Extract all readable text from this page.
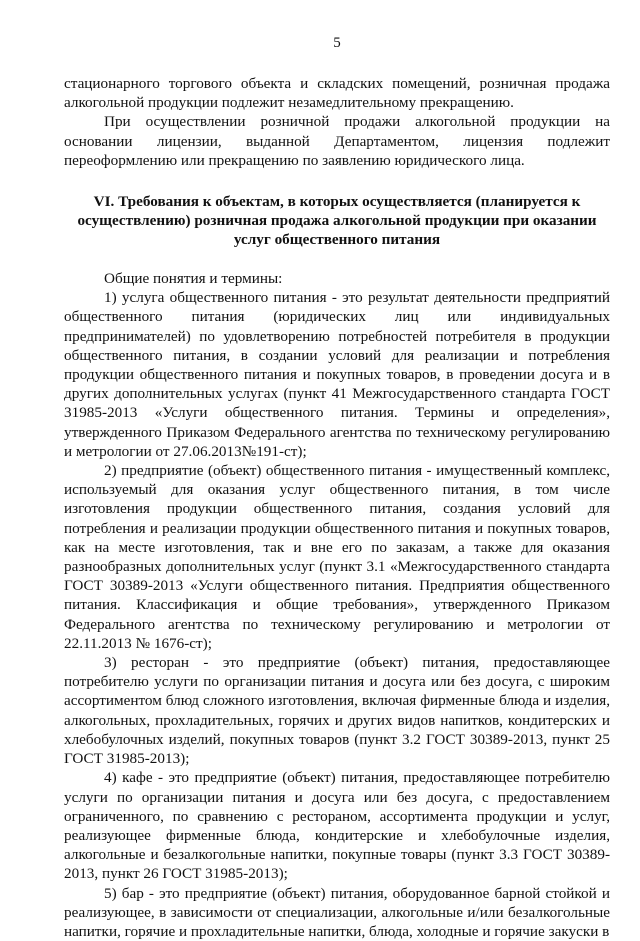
5

стационарного торгового объекта и складских помещений, розничная продажа алкогольной продукции подлежит незамедлительному прекращению.

При осуществлении розничной продажи алкогольной продукции на основании лицензии, выданной Департаментом, лицензия подлежит переоформлению или прекращению по заявлению юридического лица.

VI. Требования к объектам, в которых осуществляется (планируется к осуществлению) розничная продажа алкогольной продукции при оказании услуг общественного питания

Общие понятия и термины:

1) услуга общественного питания - это результат деятельности предприятий общественного питания (юридических лиц или индивидуальных предпринимателей) по удовлетворению потребностей потребителя в продукции общественного питания, в создании условий для реализации и потребления продукции общественного питания и покупных товаров, в проведении досуга и в других дополнительных услугах (пункт 41 Межгосударственного стандарта ГОСТ 31985-2013 «Услуги общественного питания. Термины и определения», утвержденного Приказом Федерального агентства по техническому регулированию и метрологии от 27.06.2013№191-ст);

2) предприятие (объект) общественного питания - имущественный комплекс, используемый для оказания услуг общественного питания, в том числе изготовления продукции общественного питания, создания условий для потребления и реализации продукции общественного питания и покупных товаров, как на месте изготовления, так и вне его по заказам, а также для оказания разнообразных дополнительных услуг (пункт 3.1 «Межгосударственного стандарта ГОСТ 30389-2013 «Услуги общественного питания. Предприятия общественного питания. Классификация и общие требования», утвержденного Приказом Федерального агентства по техническому регулированию и метрологии от 22.11.2013 № 1676-ст);

3) ресторан - это предприятие (объект) питания, предоставляющее потребителю услуги по организации питания и досуга или без досуга, с широким ассортиментом блюд сложного изготовления, включая фирменные блюда и изделия, алкогольных, прохладительных, горячих и других видов напитков, кондитерских и хлебобулочных изделий, покупных товаров (пункт 3.2 ГОСТ 30389-2013, пункт 25 ГОСТ 31985-2013);

4) кафе - это предприятие (объект) питания, предоставляющее потребителю услуги по организации питания и досуга или без досуга, с предоставлением ограниченного, по сравнению с рестораном, ассортимента продукции и услуг, реализующее фирменные блюда, кондитерские и хлебобулочные изделия, алкогольные и безалкогольные напитки, покупные товары (пункт 3.3 ГОСТ 30389-2013, пункт 26 ГОСТ 31985-2013);

5) бар - это предприятие (объект) питания, оборудованное барной стойкой и реализующее, в зависимости от специализации, алкогольные и/или безалкогольные напитки, горячие и прохладительные напитки, блюда, холодные и горячие закуски в
